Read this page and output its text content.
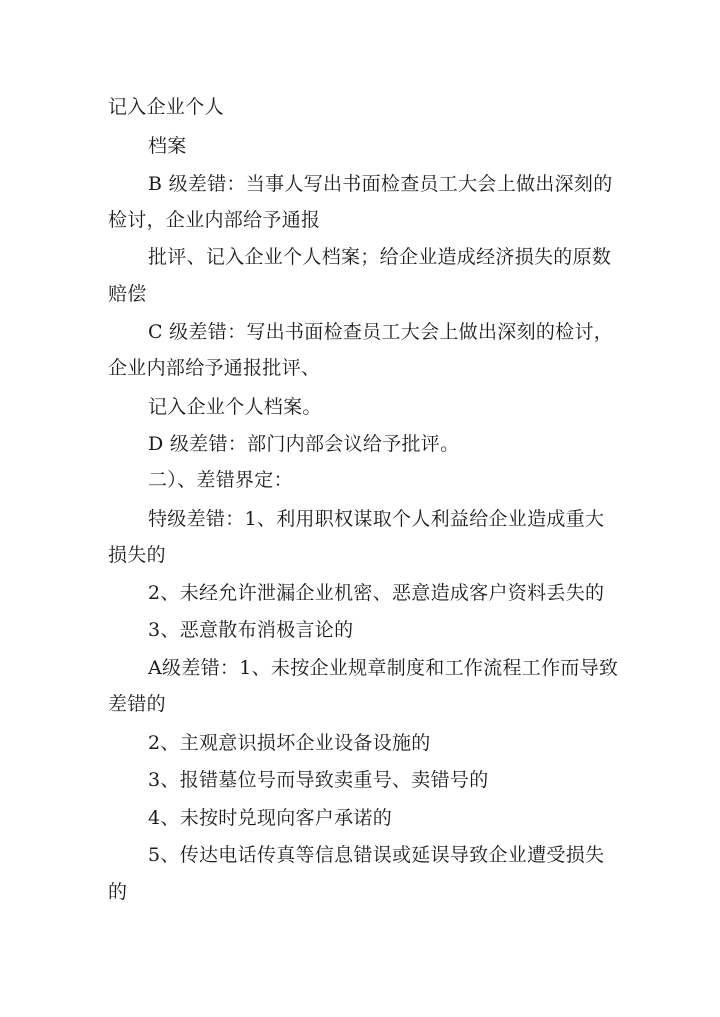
记入企业个人
档案
B 级差错：当事人写出书面检查员工大会上做出深刻的
检讨，企业内部给予通报
批评、记入企业个人档案；给企业造成经济损失的原数
赔偿
C 级差错：写出书面检查员工大会上做出深刻的检讨，
企业内部给予通报批评、
记入企业个人档案。
D 级差错：部门内部会议给予批评。
二）、差错界定：
特级差错：1、利用职权谋取个人利益给企业造成重大
损失的
2、未经允许泄漏企业机密、恶意造成客户资料丢失的
3、恶意散布消极言论的
A级差错：1、未按企业规章制度和工作流程工作而导致
差错的
2、主观意识损坏企业设备设施的
3、报错墓位号而导致卖重号、卖错号的
4、未按时兑现向客户承诺的
5、传达电话传真等信息错误或延误导致企业遭受损失
的
